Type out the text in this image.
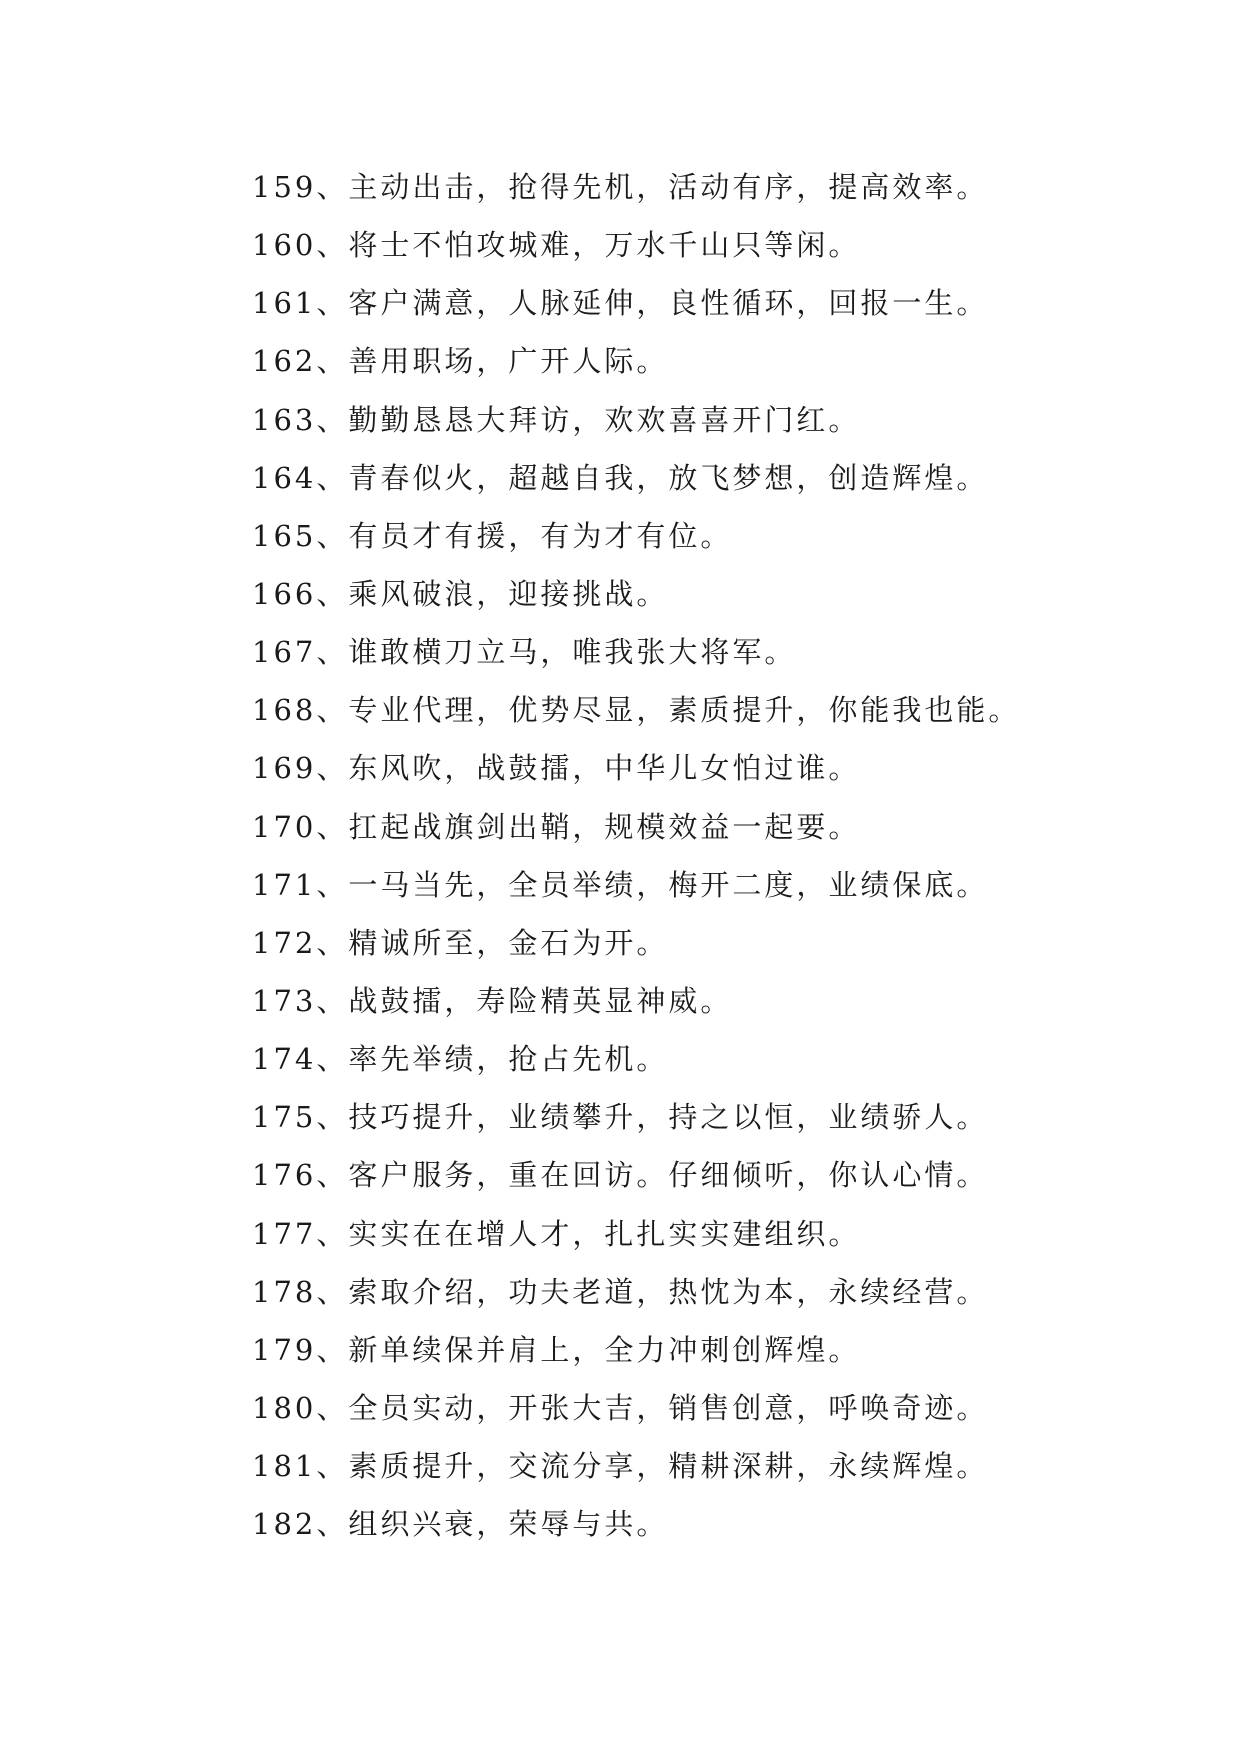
159、主动出击，抢得先机，活动有序，提高效率。
160、将士不怕攻城难，万水千山只等闲。
161、客户满意，人脉延伸，良性循环，回报一生。
162、善用职场，广开人际。
163、勤勤恳恳大拜访，欢欢喜喜开门红。
164、青春似火，超越自我，放飞梦想，创造辉煌。
165、有员才有援，有为才有位。
166、乘风破浪，迎接挑战。
167、谁敢横刀立马，唯我张大将军。
168、专业代理，优势尽显，素质提升，你能我也能。
169、东风吹，战鼓擂，中华儿女怕过谁。
170、扛起战旗剑出鞘，规模效益一起要。
171、一马当先，全员举绩，梅开二度，业绩保底。
172、精诚所至，金石为开。
173、战鼓擂，寿险精英显神威。
174、率先举绩，抢占先机。
175、技巧提升，业绩攀升，持之以恒，业绩骄人。
176、客户服务，重在回访。仔细倾听，你认心情。
177、实实在在增人才，扎扎实实建组织。
178、索取介绍，功夫老道，热忱为本，永续经营。
179、新单续保并肩上，全力冲刺创辉煌。
180、全员实动，开张大吉，销售创意，呼唤奇迹。
181、素质提升，交流分享，精耕深耕，永续辉煌。
182、组织兴衰，荣辱与共。
